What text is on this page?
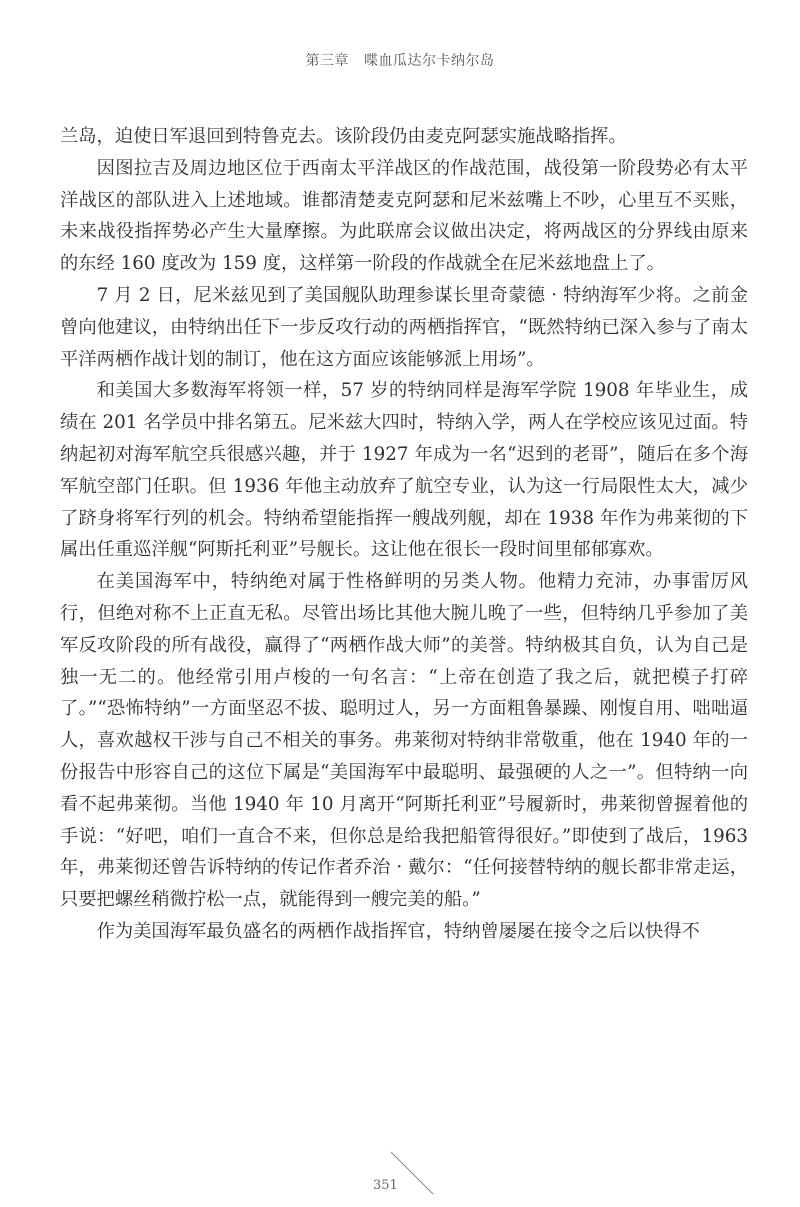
第三章 喋血瓜达尔卡纳尔岛

兰岛，迫使日军退回到特鲁克去。该阶段仍由麦克阿瑟实施战略指挥。

因图拉吉及周边地区位于西南太平洋战区的作战范围，战役第一阶段势必有太平洋战区的部队进入上述地域。谁都清楚麦克阿瑟和尼米兹嘴上不吵，心里互不买账，未来战役指挥势必产生大量摩擦。为此联席会议做出决定，将两战区的分界线由原来的东经 160 度改为 159 度，这样第一阶段的作战就全在尼米兹地盘上了。

7 月 2 日，尼米兹见到了美国舰队助理参谋长里奇蒙德 · 特纳海军少将。之前金曾向他建议，由特纳出任下一步反攻行动的两栖指挥官，“既然特纳已深入参与了南太平洋两栖作战计划的制订，他在这方面应该能够派上用场”。

和美国大多数海军将领一样，57 岁的特纳同样是海军学院 1908 年毕业生，成绩在 201 名学员中排名第五。尼米兹大四时，特纳入学，两人在学校应该见过面。特纳起初对海军航空兵很感兴趣，并于 1927 年成为一名“迟到的老哥”，随后在多个海军航空部门任职。但 1936 年他主动放弃了航空专业，认为这一行局限性太大，减少了跻身将军行列的机会。特纳希望能指挥一艘战列舰，却在 1938 年作为弗莱彻的下属出任重巡洋舰“阿斯托利亚”号舰长。这让他在很长一段时间里郁郁寡欢。

在美国海军中，特纳绝对属于性格鲜明的另类人物。他精力充沛，办事雷厉风行，但绝对称不上正直无私。尽管出场比其他大腕儿晚了一些，但特纳几乎参加了美军反攻阶段的所有战役，赢得了“两栖作战大师”的美誉。特纳极其自负，认为自己是独一无二的。他经常引用卢梭的一句名言：“上帝在创造了我之后，就把模子打碎了。”“恐怖特纳”一方面坚忍不拔、聪明过人，另一方面粗鲁暴躁、刚愎自用、咄咄逼人，喜欢越权干涉与自己不相关的事务。弗莱彻对特纳非常敬重，他在 1940 年的一份报告中形容自己的这位下属是“美国海军中最聪明、最强硬的人之一”。但特纳一向看不起弗莱彻。当他 1940 年 10 月离开“阿斯托利亚”号履新时，弗莱彻曾握着他的手说：“好吧，咱们一直合不来，但你总是给我把船管得很好。”即使到了战后，1963 年，弗莱彻还曾告诉特纳的传记作者乔治 · 戴尔：“任何接替特纳的舰长都非常走运，只要把螺丝稍微拧松一点，就能得到一艘完美的船。”

作为美国海军最负盛名的两栖作战指挥官，特纳曾屡屡在接令之后以快得不

351
